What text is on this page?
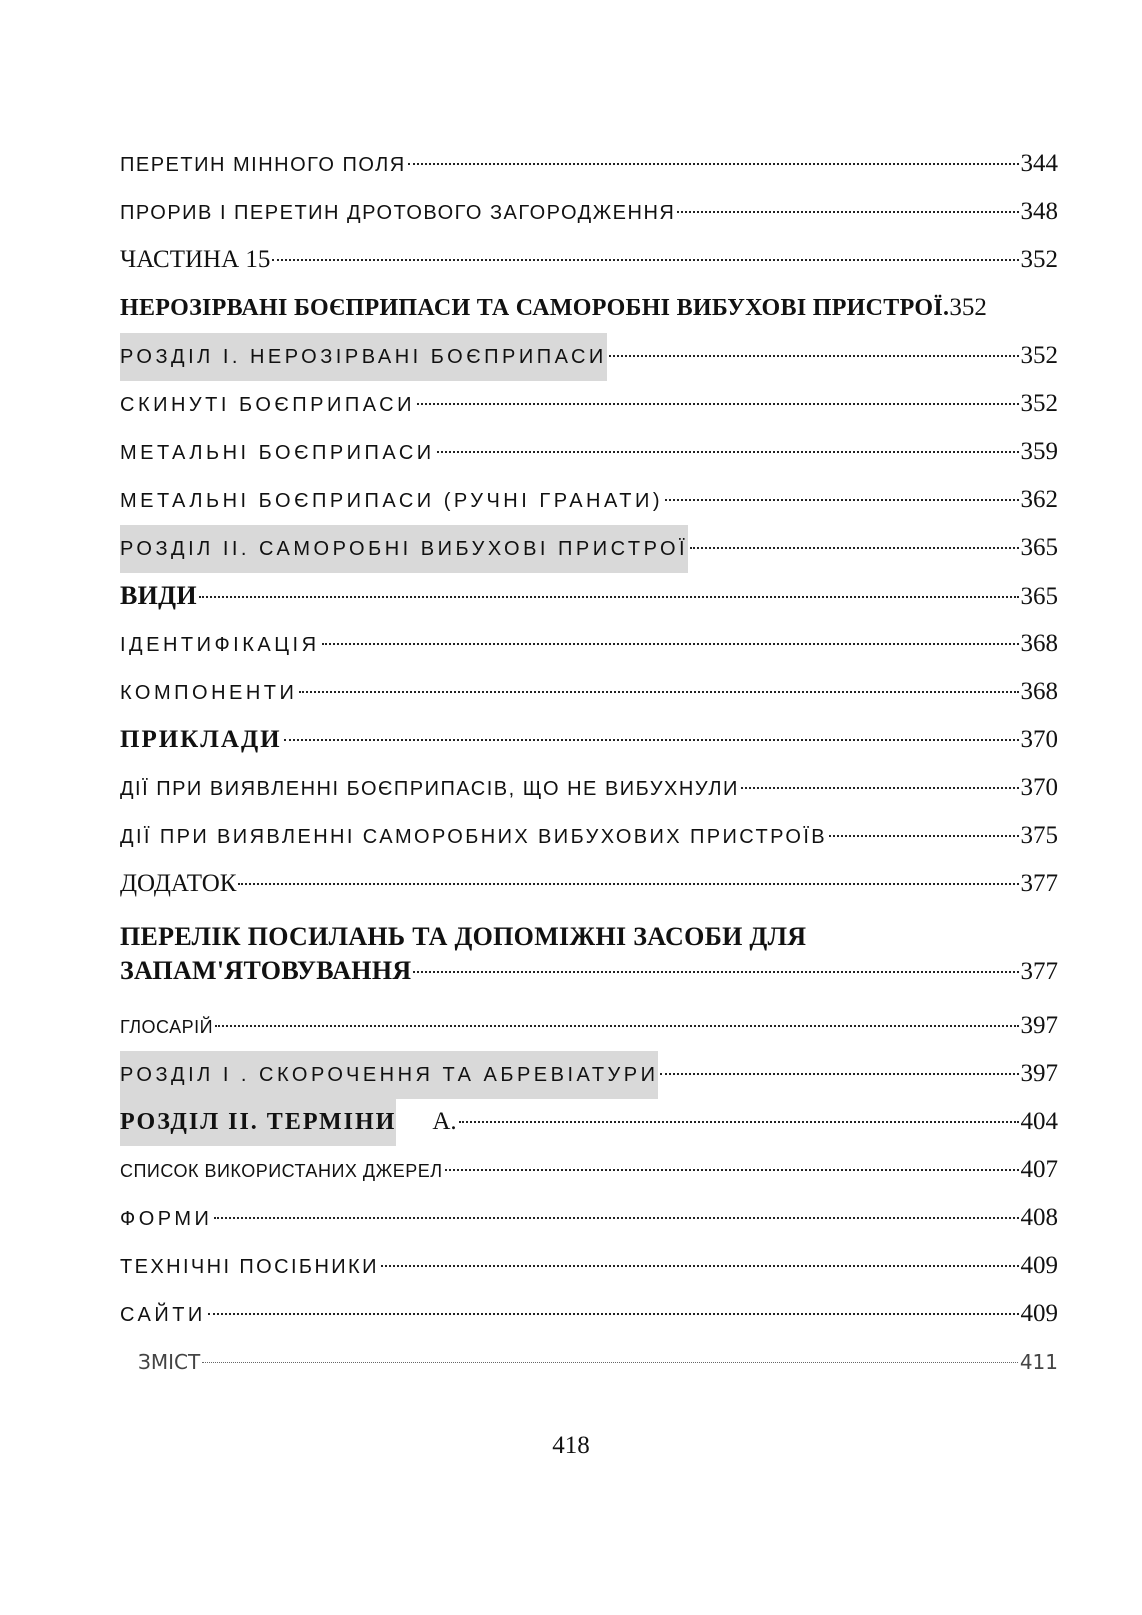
ПЕРЕТИН МІННОГО ПОЛЯ	344
ПРОРИВ І ПЕРЕТИН ДРОТОВОГО ЗАГОРОДЖЕННЯ	348
ЧАСТИНА 15	352
НЕРОЗІРВАНІ БОЄПРИПАСИ ТА САМОРОБНІ ВИБУХОВІ ПРИСТРОЇ. 352
РОЗДІЛ І. НЕРОЗІРВАНІ БОЄПРИПАСИ	352
СКИНУТІ БОЄПРИПАСИ	352
МЕТАЛЬНІ БОЄПРИПАСИ	359
МЕТАЛЬНІ БОЄПРИПАСИ (РУЧНІ ГРАНАТИ)	362
РОЗДІЛ ІІ. САМОРОБНІ ВИБУХОВІ ПРИСТРОЇ	365
ВИДИ	365
ІДЕНТИФІКАЦІЯ	368
КОМПОНЕНТИ	368
ПРИКЛАДИ	370
ДІЇ ПРИ ВИЯВЛЕННІ БОЄПРИПАСІВ, ЩО НЕ ВИБУХНУЛИ	370
ДІЇ ПРИ ВИЯВЛЕННІ САМОРОБНИХ ВИБУХОВИХ ПРИСТРОЇВ	375
ДОДАТОК	377
ПЕРЕЛІК ПОСИЛАНЬ ТА ДОПОМІЖНІ ЗАСОБИ ДЛЯ
ЗАПАМ'ЯТОВУВАННЯ	377
ГЛОСАРІЙ	397
РОЗДІЛ І . СКОРОЧЕННЯ ТА АБРЕВІАТУРИ	397
РОЗДІЛ ІІ. ТЕРМІНИ А.	404
СПИСОК ВИКОРИСТАНИХ ДЖЕРЕЛ	407
ФОРМИ	408
ТЕХНІЧНІ ПОСІБНИКИ	409
САЙТИ	409
ЗМІСТ	411
418
